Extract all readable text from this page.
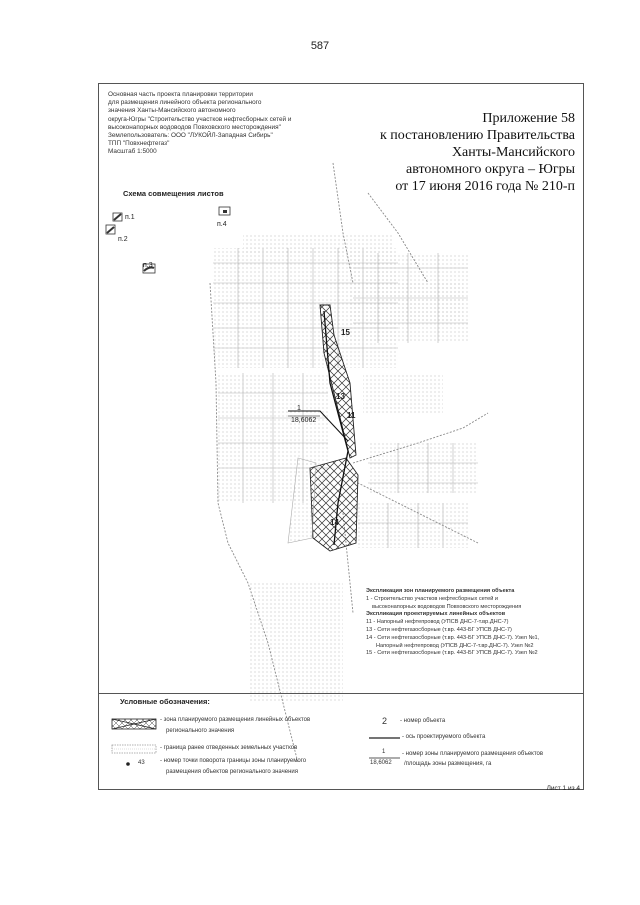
587
Основная часть проекта планировки территории
для размещения линейного объекта регионального
значения Ханты-Мансийского автономного
округа-Югры "Строительство участков нефтесборных сетей и
высоконапорных водоводов Повховского месторождения"
Землепользователь: ООО "ЛУКОЙЛ-Западная Сибирь"
ТПП "Повхнефтегаз"
Масштаб 1:5000
Приложение 58
к постановлению Правительства
Ханты-Мансийского
автономного округа – Югры
от 17 июня 2016 года № 210-п
Схема совмещения листов
п.1
п.2
п.3
п.4
1
18,6062
15
13
11
14
Экспликация зон планируемого размещения объекта
1 - Строительство участков нефтесборных сетей и
высоконапорных водоводов Повховского месторождения
Экспликация проектируемых линейных объектов
11 - Напорный нефтепровод (УПСВ ДНС-7-т.вр.ДНС-7)
13 - Сети нефтегазосборные (т.вр. 443-БГ УПСВ ДНС-7)
14 - Сети нефтегазосборные (т.вр. 443-БГ УПСВ ДНС-7). Узел №1,
Напорный нефтепровод (УПСВ ДНС-7-т.вр.ДНС-7). Узел №2
15 - Сети нефтегазосборные (т.вр. 443-БГ УПСВ ДНС-7). Узел №2
Условные обозначения:
- зона планируемого размещения линейных объектов
регионального значения
- граница ранее отведенных земельных участков
43	- номер точки поворота границы зоны планируемого
размещения объектов регионального значения
2 - номер объекта
- ось проектируемого объекта
1
18,6062
- номер зоны планируемого размещения объектов
/площадь зоны размещения, га
Лист 1 из 4
